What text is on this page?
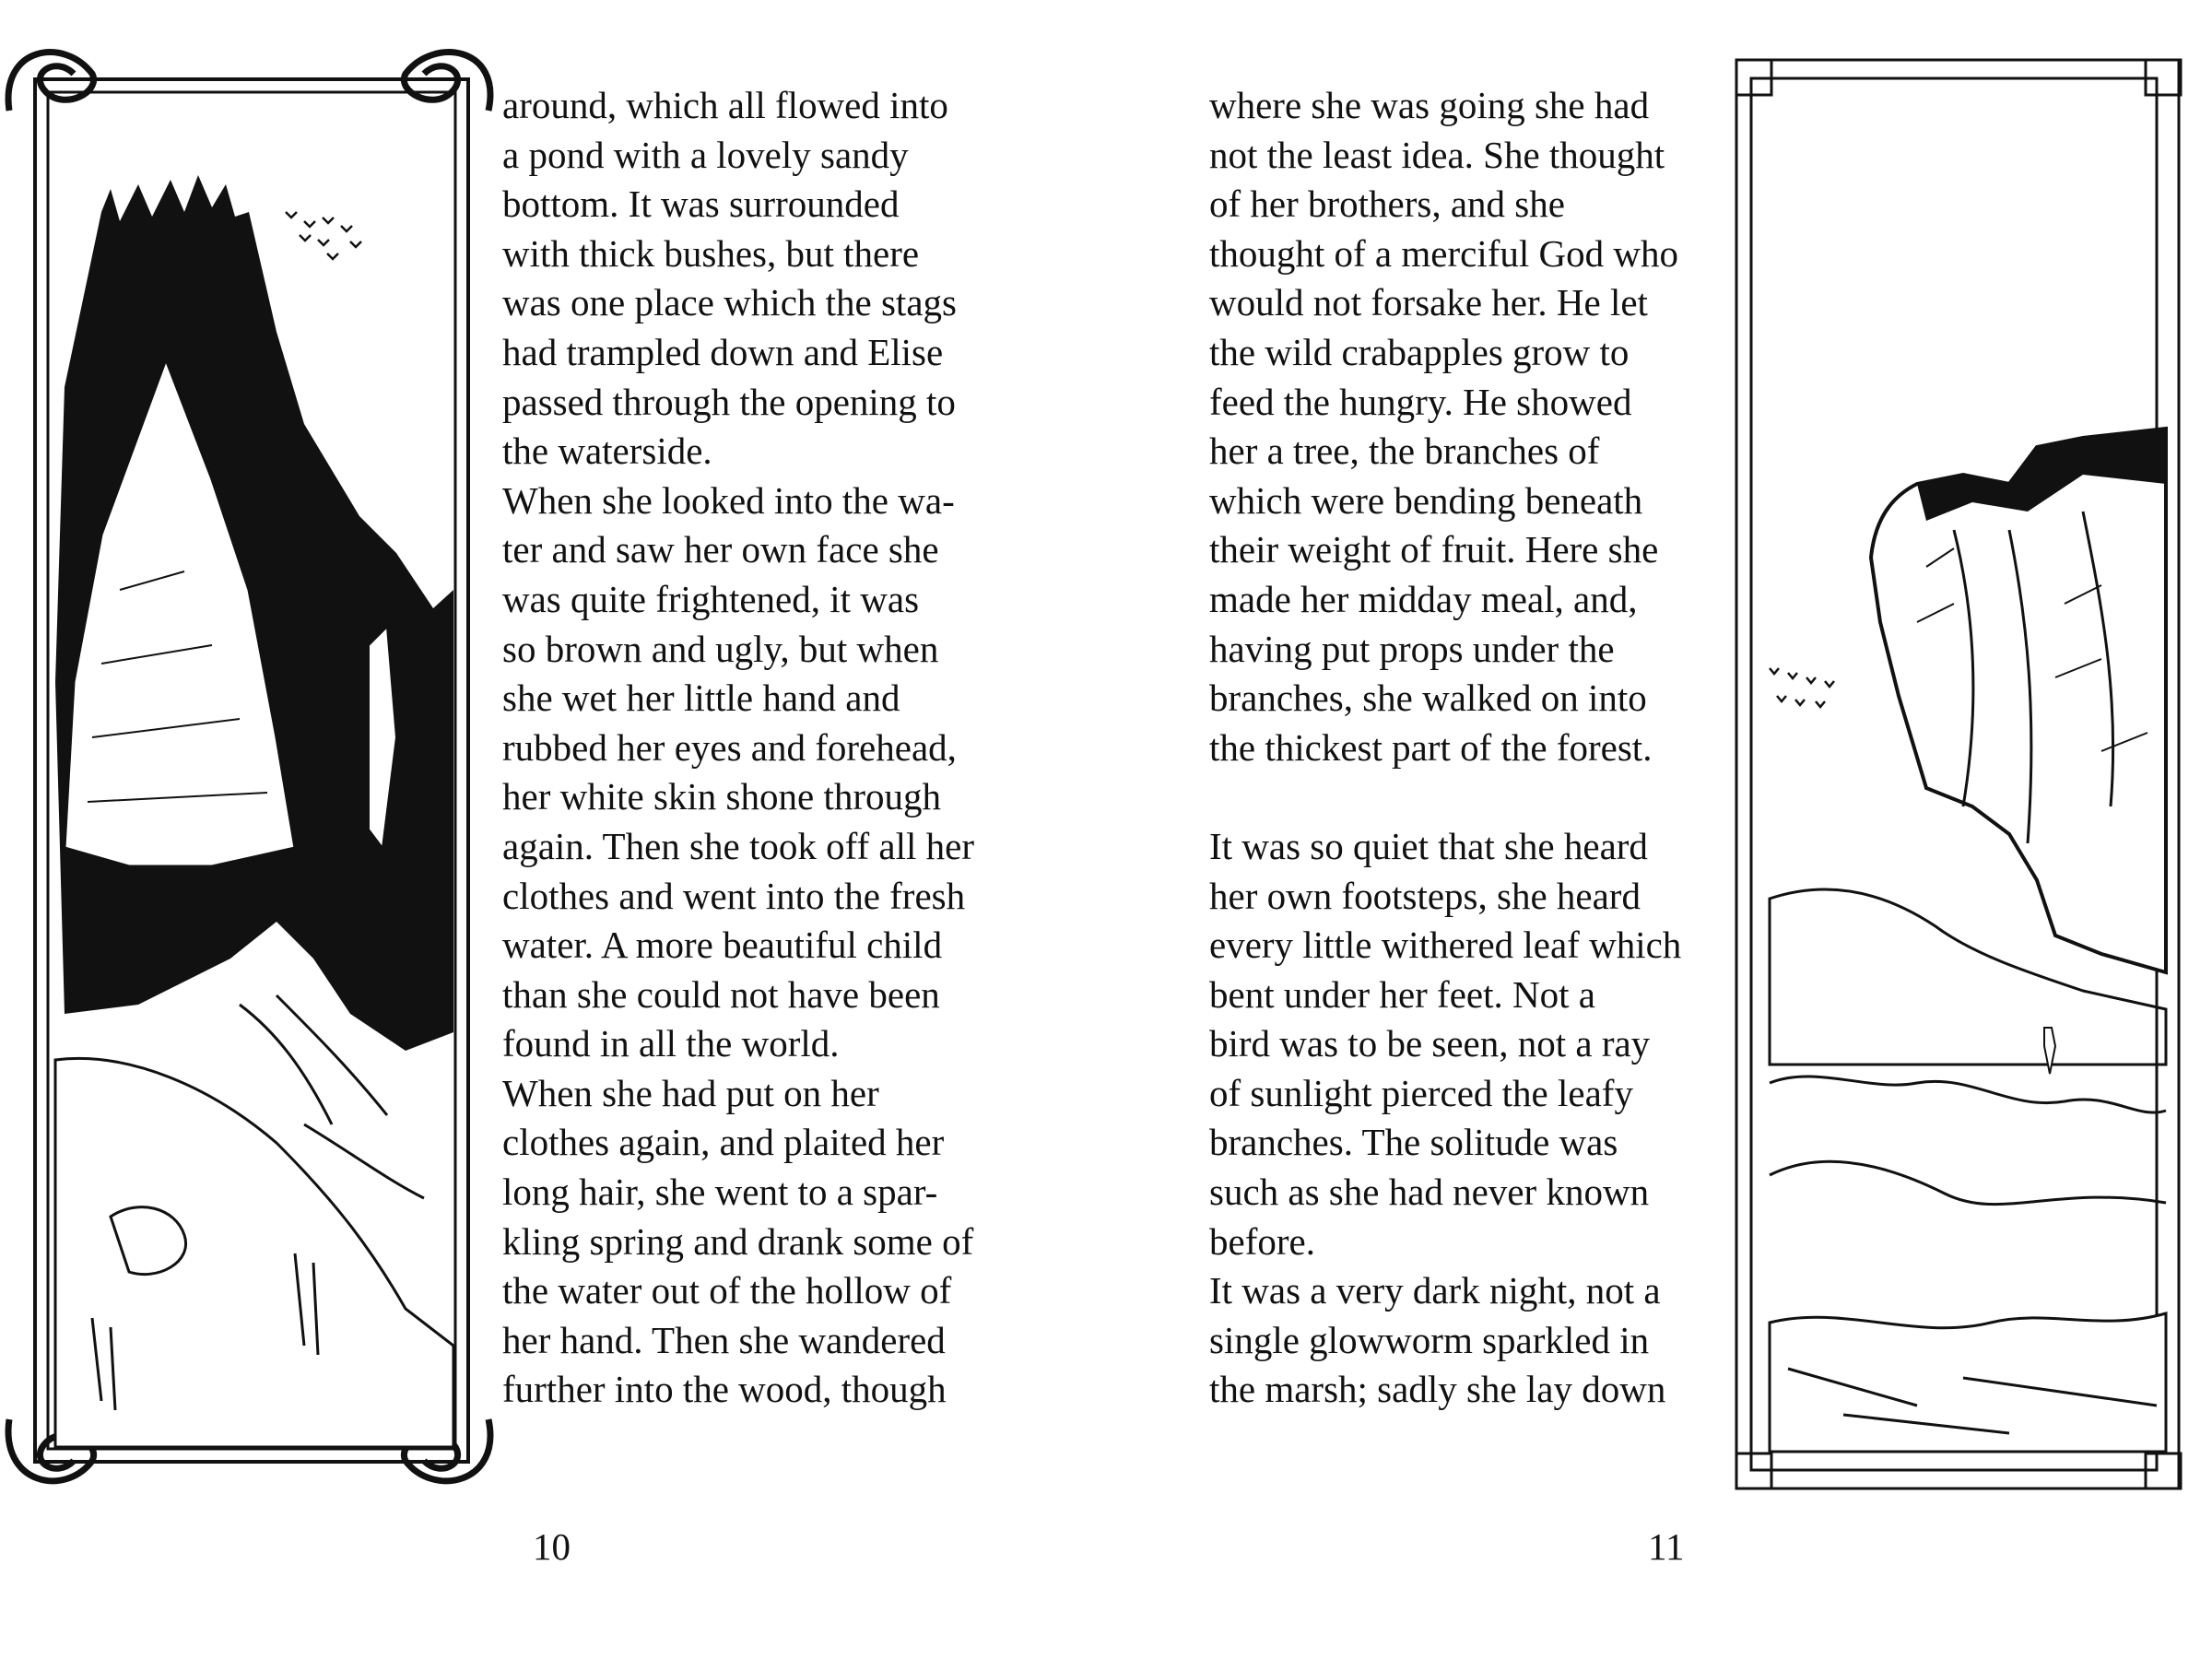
around, which all flowed into
a pond with a lovely sandy
bottom. It was surrounded
with thick bushes, but there
was one place which the stags
had trampled down and Elise
passed through the opening to
the waterside.
When she looked into the wa-
ter and saw her own face she
was quite frightened, it was
so brown and ugly, but when
she wet her little hand and
rubbed her eyes and forehead,
her white skin shone through
again. Then she took off all her
clothes and went into the fresh
water. A more beautiful child
than she could not have been
found in all the world.
When she had put on her
clothes again, and plaited her
long hair, she went to a spar-
kling spring and drank some of
the water out of the hollow of
her hand. Then she wandered
further into the wood, though
10
where she was going she had
not the least idea. She thought
of her brothers, and she
thought of a merciful God who
would not forsake her. He let
the wild crabapples grow to
feed the hungry. He showed
her a tree, the branches of
which were bending beneath
their weight of fruit. Here she
made her midday meal, and,
having put props under the
branches, she walked on into
the thickest part of the forest.
It was so quiet that she heard
her own footsteps, she heard
every little withered leaf which
bent under her feet. Not a
bird was to be seen, not a ray
of sunlight pierced the leafy
branches. The solitude was
such as she had never known
before.
It was a very dark night, not a
single glowworm sparkled in
the marsh; sadly she lay down
11
